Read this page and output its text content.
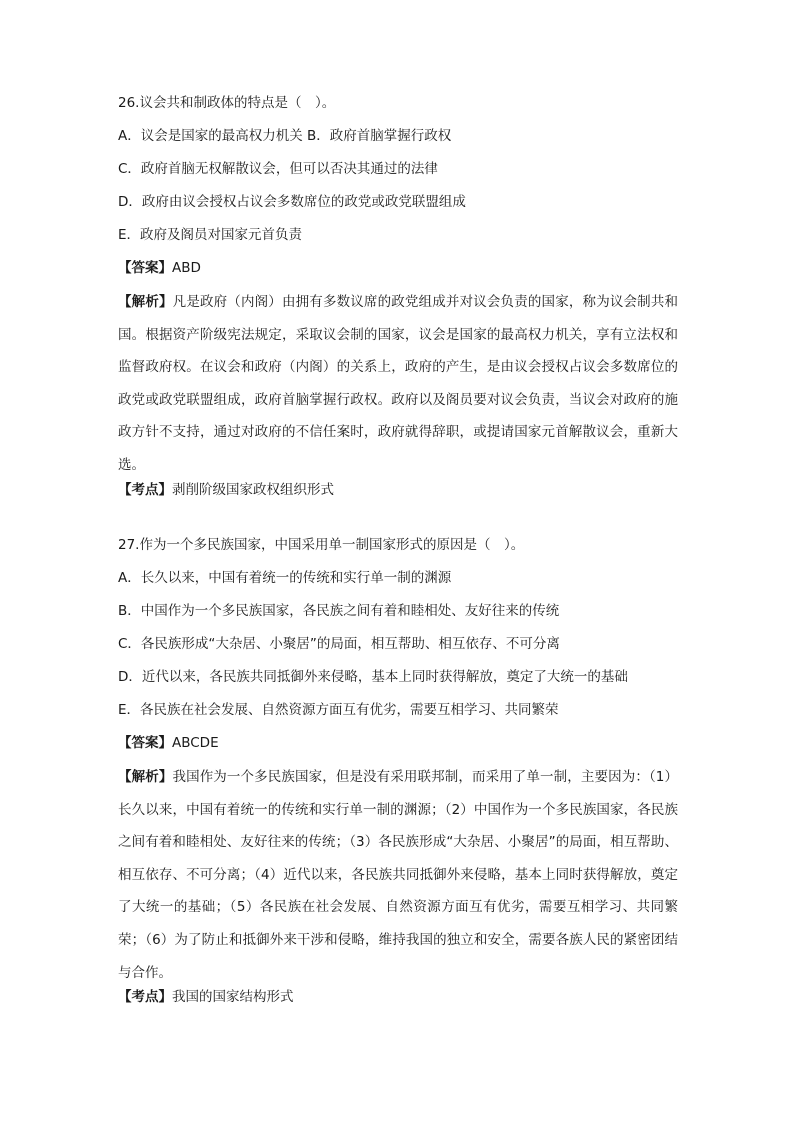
26.议会共和制政体的特点是（　）。

A．议会是国家的最高权力机关 B．政府首脑掌握行政权

C．政府首脑无权解散议会，但可以否决其通过的法律

D．政府由议会授权占议会多数席位的政党或政党联盟组成

E．政府及阁员对国家元首负责

【答案】ABD

【解析】凡是政府（内阁）由拥有多数议席的政党组成并对议会负责的国家，称为议会制共和国。根据资产阶级宪法规定，采取议会制的国家，议会是国家的最高权力机关，享有立法权和监督政府权。在议会和政府（内阁）的关系上，政府的产生，是由议会授权占议会多数席位的政党或政党联盟组成，政府首脑掌握行政权。政府以及阁员要对议会负责，当议会对政府的施政方针不支持，通过对政府的不信任案时，政府就得辞职，或提请国家元首解散议会，重新大选。

【考点】剥削阶级国家政权组织形式

27.作为一个多民族国家，中国采用单一制国家形式的原因是（　）。

A．长久以来，中国有着统一的传统和实行单一制的渊源

B．中国作为一个多民族国家，各民族之间有着和睦相处、友好往来的传统

C．各民族形成“大杂居、小聚居”的局面，相互帮助、相互依存、不可分离

D．近代以来，各民族共同抵御外来侵略，基本上同时获得解放，奠定了大统一的基础

E．各民族在社会发展、自然资源方面互有优劣，需要互相学习、共同繁荣

【答案】ABCDE

【解析】我国作为一个多民族国家，但是没有采用联邦制，而采用了单一制，主要因为：（1）长久以来，中国有着统一的传统和实行单一制的渊源；（2）中国作为一个多民族国家，各民族之间有着和睦相处、友好往来的传统；（3）各民族形成“大杂居、小聚居”的局面，相互帮助、相互依存、不可分离；（4）近代以来，各民族共同抵御外来侵略，基本上同时获得解放，奠定了大统一的基础；（5）各民族在社会发展、自然资源方面互有优劣，需要互相学习、共同繁荣；（6）为了防止和抵御外来干涉和侵略，维持我国的独立和安全，需要各族人民的紧密团结与合作。

【考点】我国的国家结构形式
